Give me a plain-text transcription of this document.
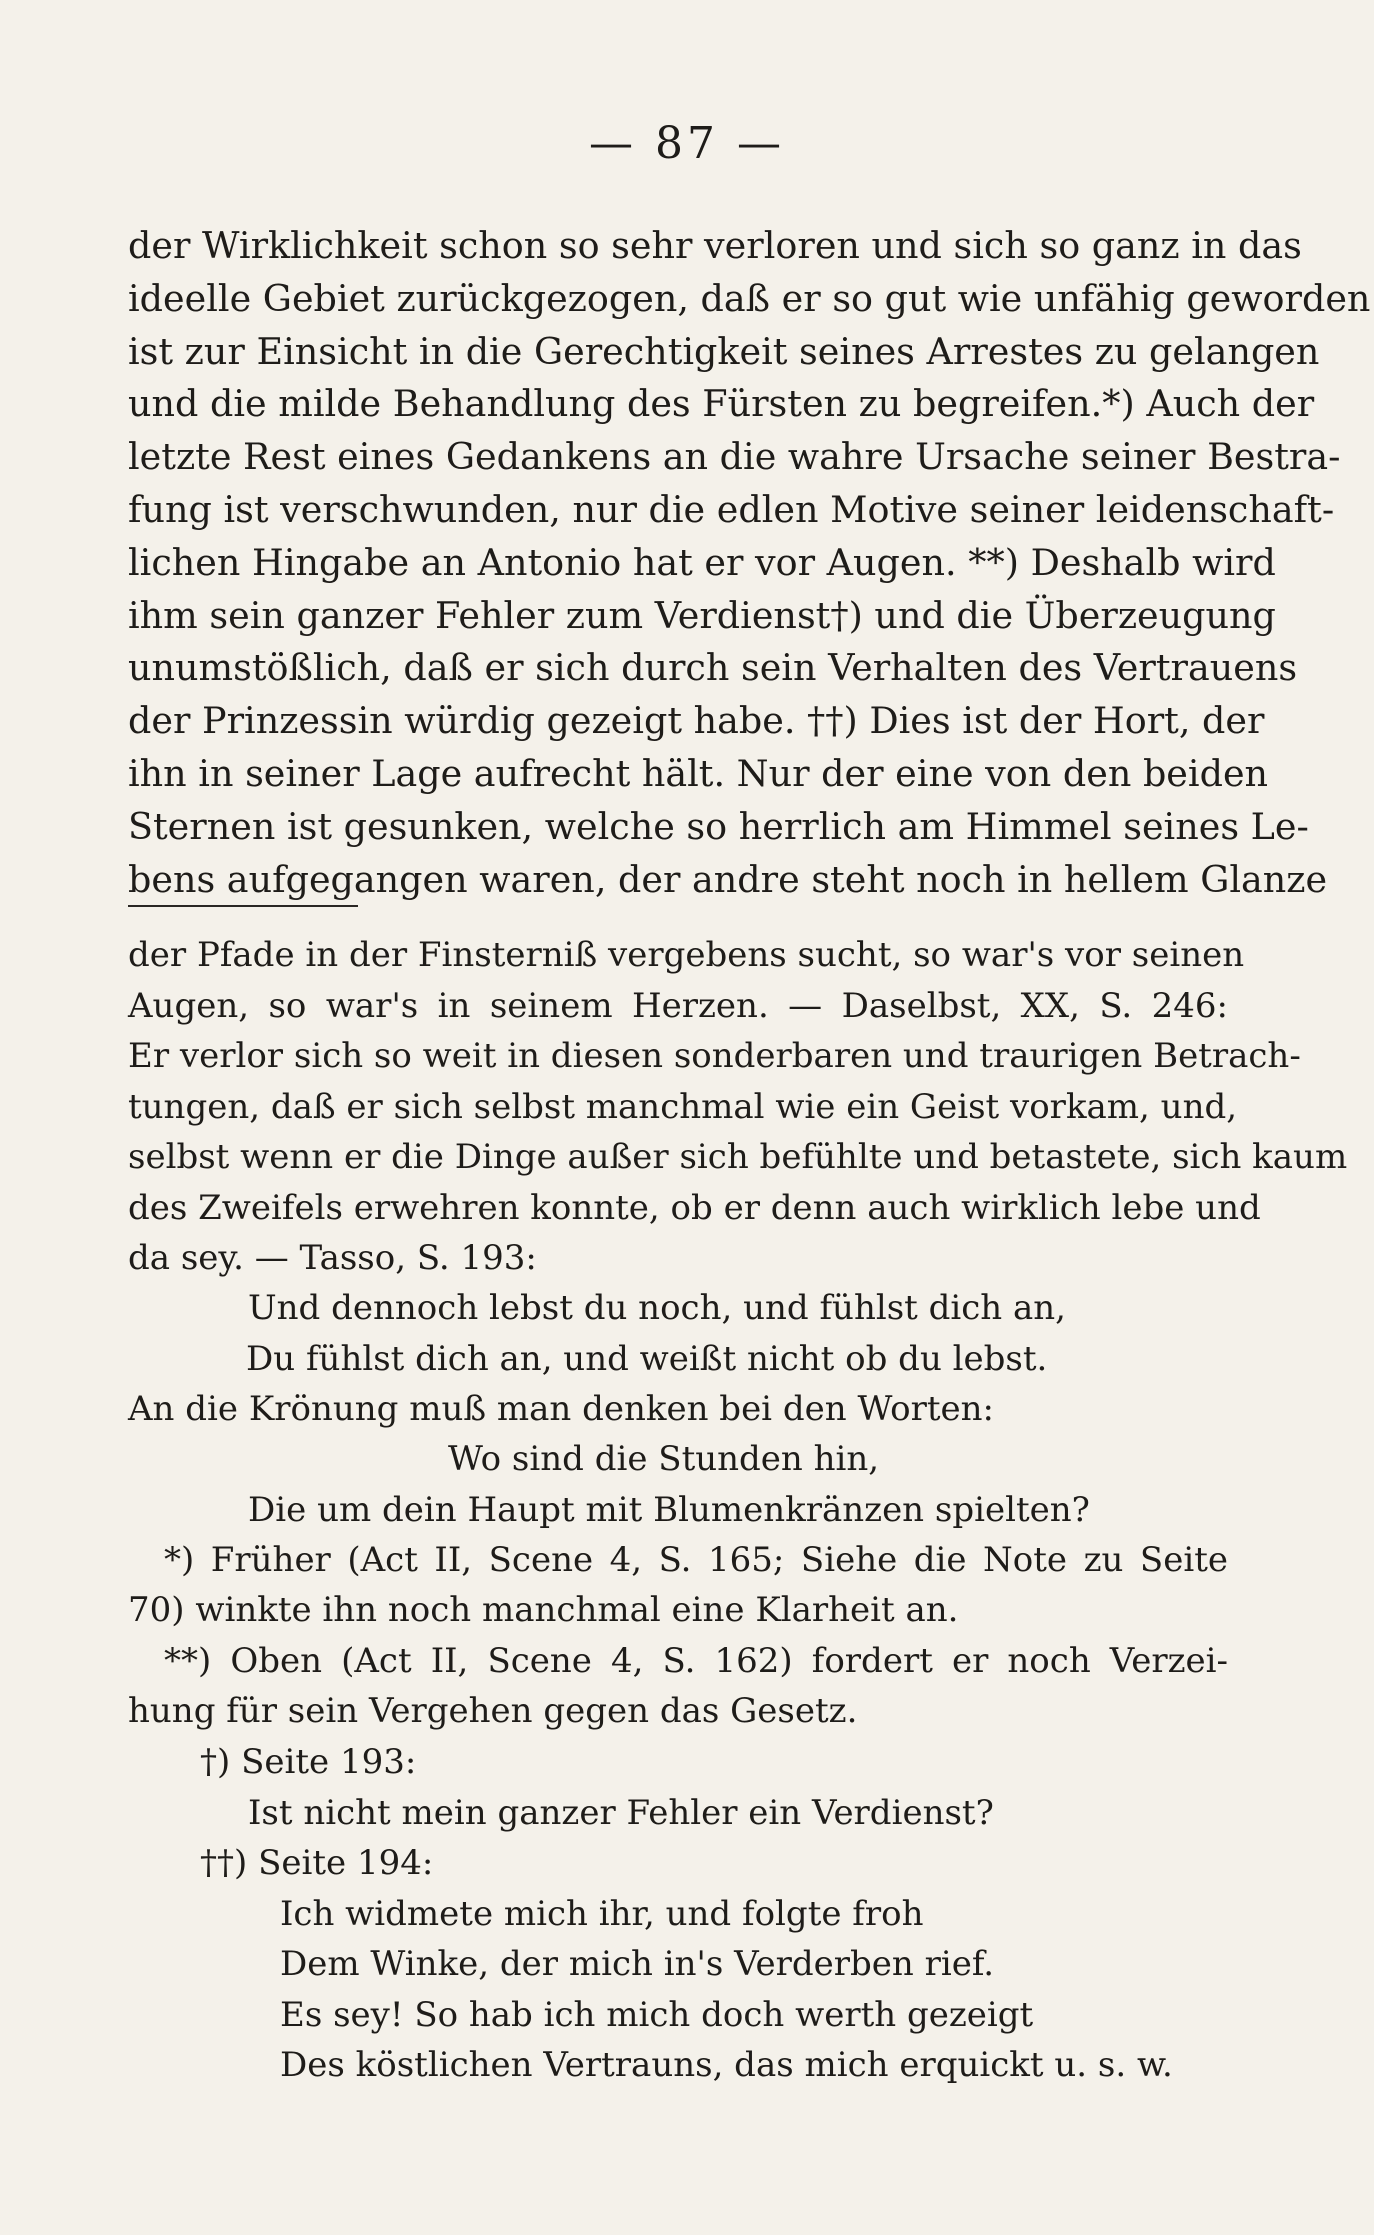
— 87 —

der Wirklichkeit schon so sehr verloren und sich so ganz in das
ideelle Gebiet zurückgezogen, daß er so gut wie unfähig geworden
ist zur Einsicht in die Gerechtigkeit seines Arrestes zu gelangen
und die milde Behandlung des Fürsten zu begreifen.*) Auch der
letzte Rest eines Gedankens an die wahre Ursache seiner Bestra-
fung ist verschwunden, nur die edlen Motive seiner leidenschaft-
lichen Hingabe an Antonio hat er vor Augen. **) Deshalb wird
ihm sein ganzer Fehler zum Verdienst†) und die Überzeugung
unumstößlich, daß er sich durch sein Verhalten des Vertrauens
der Prinzessin würdig gezeigt habe. ††) Dies ist der Hort, der
ihn in seiner Lage aufrecht hält. Nur der eine von den beiden
Sternen ist gesunken, welche so herrlich am Himmel seines Le-
bens aufgegangen waren, der andre steht noch in hellem Glanze

der Pfade in der Finsterniß vergebens sucht, so war's vor seinen
Augen, so war's in seinem Herzen. — Daselbst, XX, S. 246:
Er verlor sich so weit in diesen sonderbaren und traurigen Betrach-
tungen, daß er sich selbst manchmal wie ein Geist vorkam, und,
selbst wenn er die Dinge außer sich befühlte und betastete, sich kaum
des Zweifels erwehren konnte, ob er denn auch wirklich lebe und
da sey. — Tasso, S. 193:
Und dennoch lebst du noch, und fühlst dich an,
Du fühlst dich an, und weißt nicht ob du lebst.
An die Krönung muß man denken bei den Worten:
Wo sind die Stunden hin,
Die um dein Haupt mit Blumenkränzen spielten?
*) Früher (Act II, Scene 4, S. 165; Siehe die Note zu Seite
70) winkte ihn noch manchmal eine Klarheit an.
**) Oben (Act II, Scene 4, S. 162) fordert er noch Verzei-
hung für sein Vergehen gegen das Gesetz.
†) Seite 193:
Ist nicht mein ganzer Fehler ein Verdienst?
††) Seite 194:
Ich widmete mich ihr, und folgte froh
Dem Winke, der mich in's Verderben rief.
Es sey! So hab ich mich doch werth gezeigt
Des köstlichen Vertrauns, das mich erquickt u. s. w.
